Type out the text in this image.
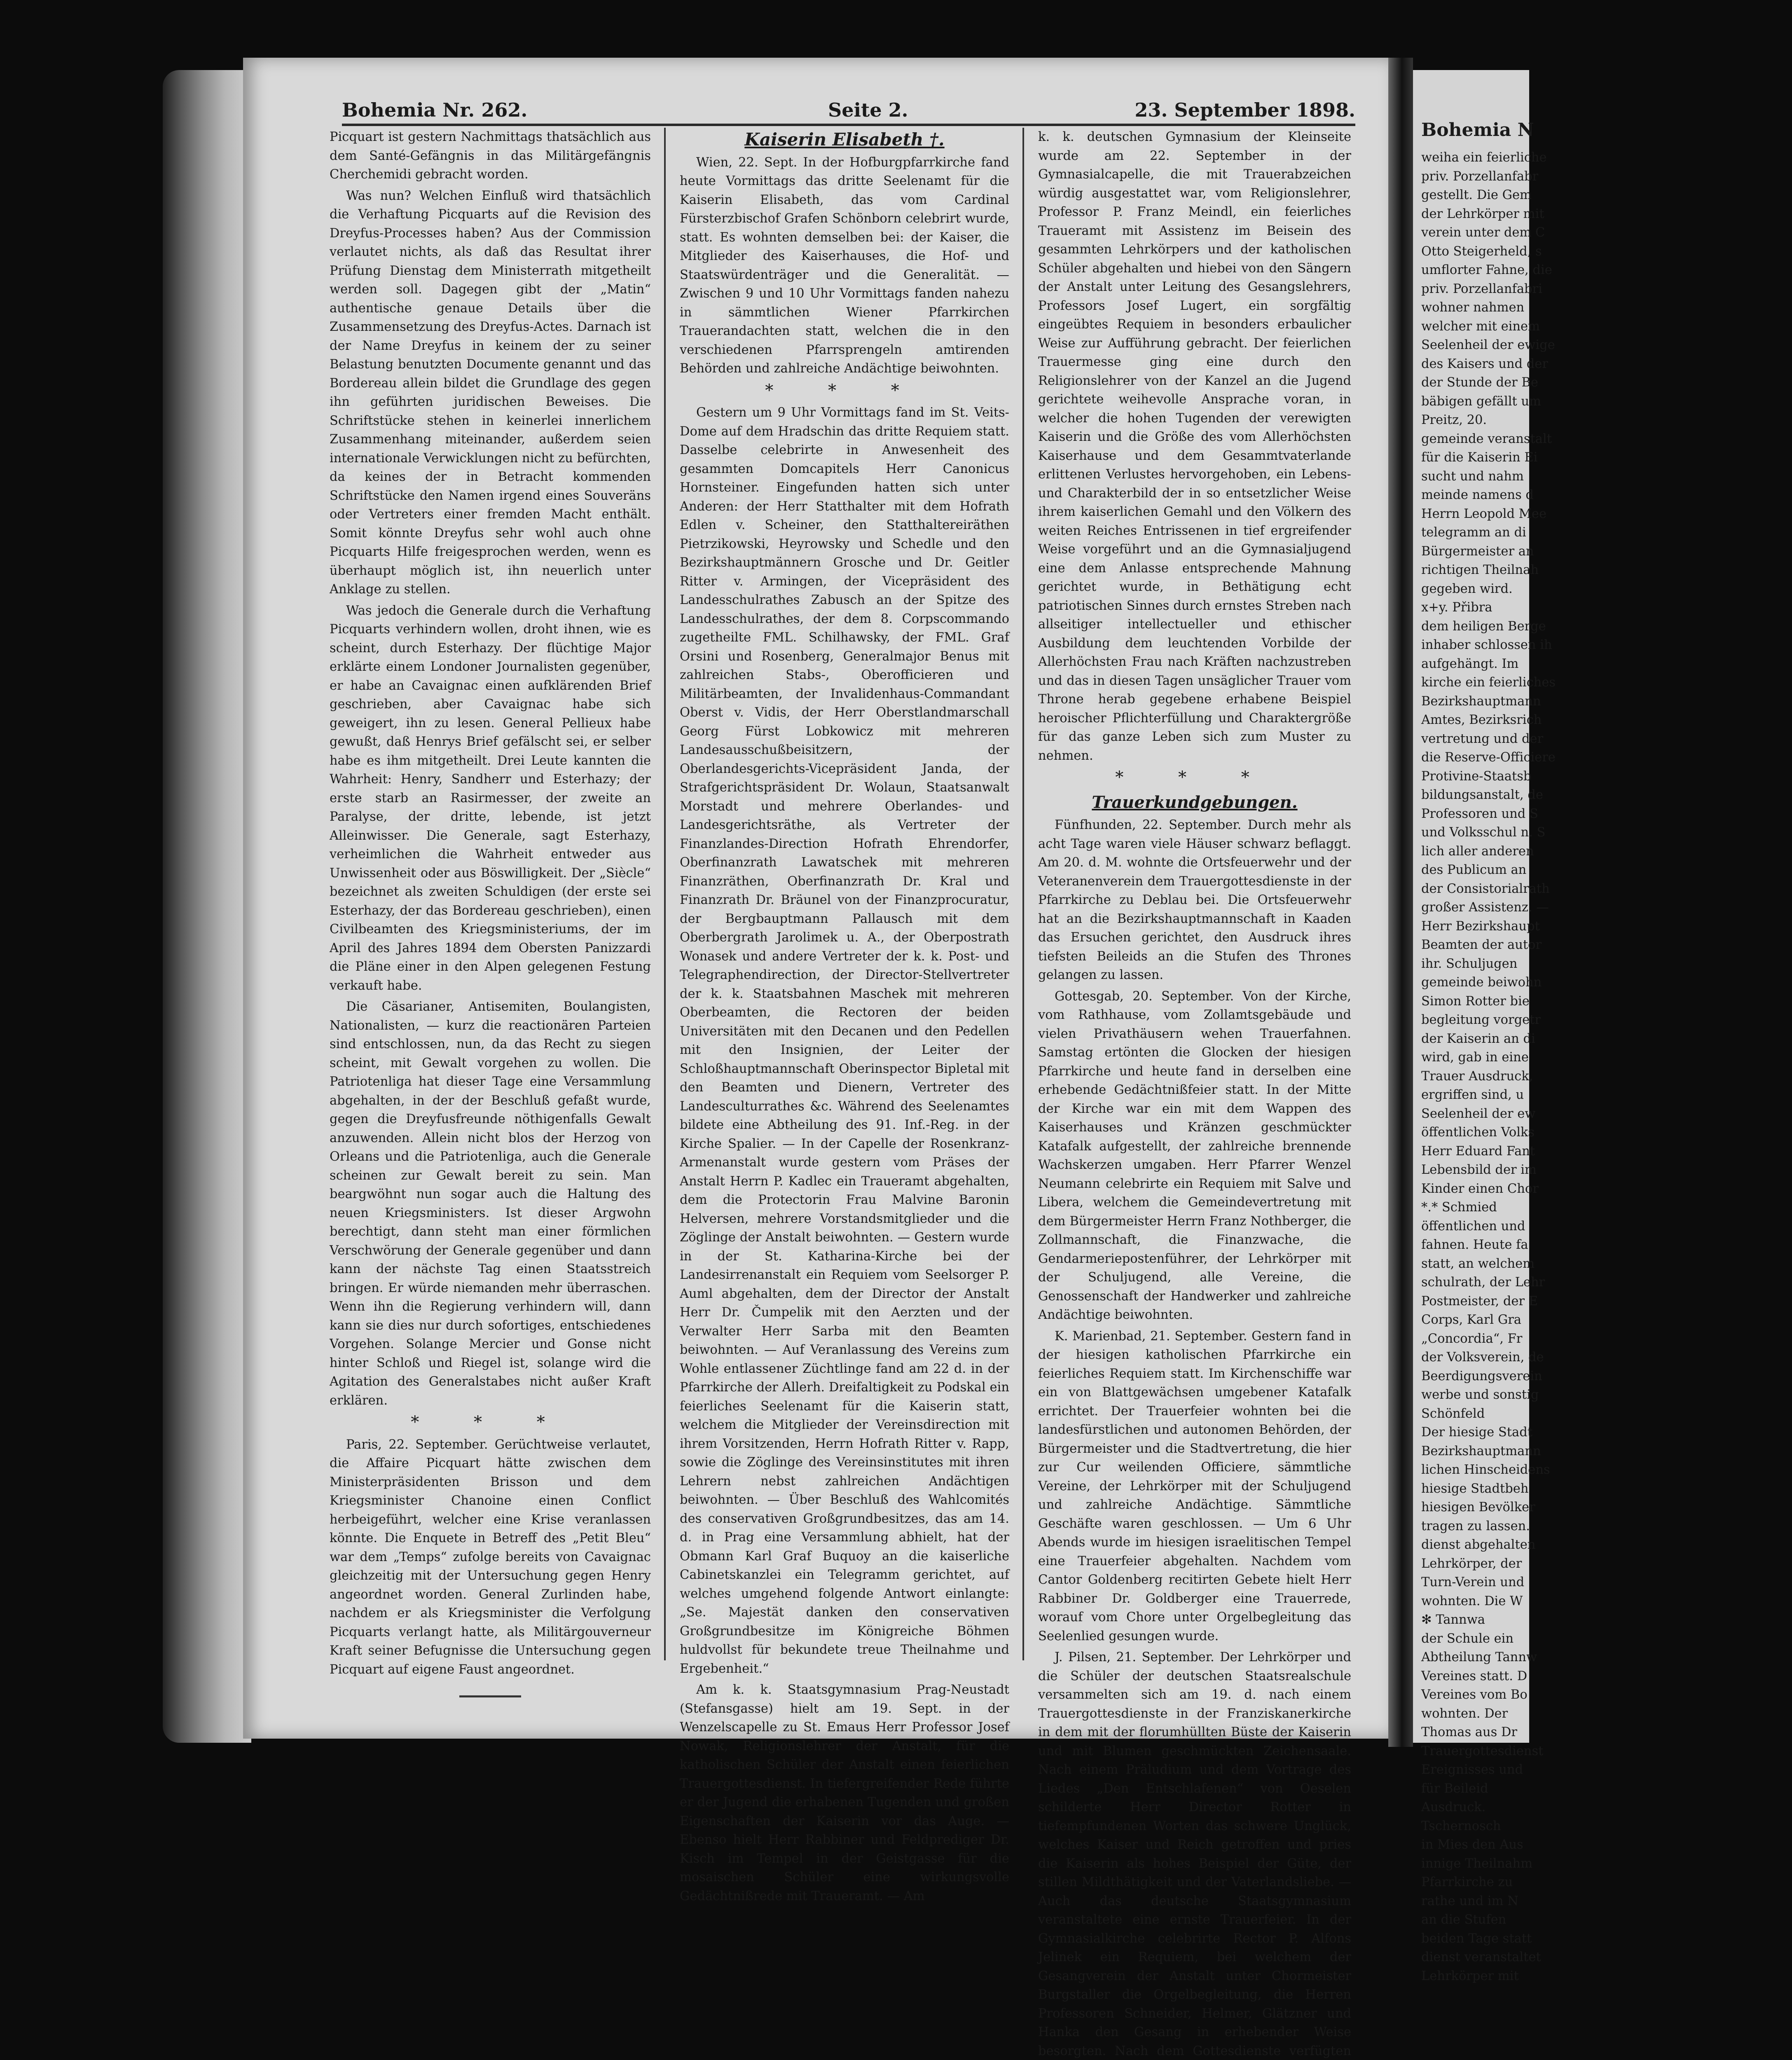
Bohemia N
weiha ein feierliche
priv. Porzellanfabr
gestellt. Die Gem
der Lehrkörper mit
verein unter dem C
Otto Steigerheld, s
umflorter Fahne, die
priv. Porzellanfabri
wohner nahmen
welcher mit einem
Seelenheil der ewige
des Kaisers und der
der Stunde der Be
bäbigen gefällt um
Preitz, 20.
gemeinde veranstalt
für die Kaiserin Ei
sucht und nahm
meinde namens d
Herrn Leopold Mee
telegramm an di
Bürgermeister an
richtigen Theilnah
gegeben wird.
x+y. Přibra
dem heiligen Berge
inhaber schlossen ih
aufgehängt. Im
kirche ein feierliches
Bezirkshauptmann
Amtes, Bezirksrich
vertretung und der
die Reserve-Officiere
Protivine-Staatsb
bildungsanstalt, de
Professoren und S
und Volksschul n. S
lich aller anderen
des Publicum an
der Consistorialrath
großer Assistenz. —
Herr Bezirkshaupt
Beamten der autor
ihr. Schuljugen
gemeinde beiwohn
Simon Rotter bie
begleitung vorgetr
der Kaiserin an di
wird, gab in eine
Trauer Ausdruck,
ergriffen sind, u
Seelenheil der ew
öffentlichen Volks
Herr Eduard Fant
Lebensbild der im
Kinder einen Chor
*.* Schmied
öffentlichen und
fahnen. Heute fa
statt, an welchem
schulrath, der Lehr
Postmeister, der E
Corps, Karl Gra
„Concordia“, Fr
der Volksverein, de
Beerdigungsverein
werbe und sonstig
Schönfeld
Der hiesige Stadt
Bezirkshauptmann
lichen Hinscheidens
hiesige Stadtbeh
hiesigen Bevölker
tragen zu lassen.
dienst abgehalten
Lehrkörper, der
Turn-Verein und
wohnten. Die W
✻ Tannwa
der Schule ein
Abtheilung Tannw
Vereines statt. D
Vereines vom Bo
wohnten. Der
Thomas aus Dr
Trauergottesdienst
Ereignisses und
für Beileid
Ausdruck.
Tschernosch
in Mies den Aus
innige Theilnahm
Pfarrkirche zu
rathe und im N
an die Stufen
beiden Tage statt
dienst veranstaltet
Lehrkörper mit
Bohemia Nr. 262.	Seite 2.	23. September 1898.

Picquart ist gestern Nachmittags thatsächlich aus dem Santé-Gefängnis in das Militärgefängnis Cherchemidi gebracht worden.

Was nun? Welchen Einfluß wird thatsächlich die Verhaftung Picquarts auf die Revision des Dreyfus-Processes haben? Aus der Commission verlautet nichts, als daß das Resultat ihrer Prüfung Dienstag dem Ministerrath mitgetheilt werden soll. Dagegen gibt der „Matin“ authentische genaue Details über die Zusammensetzung des Dreyfus-Actes. Darnach ist der Name Dreyfus in keinem der zu seiner Belastung benutzten Documente genannt und das Bordereau allein bildet die Grundlage des gegen ihn geführten juridischen Beweises. Die Schriftstücke stehen in keinerlei innerlichem Zusammenhang miteinander, außerdem seien internationale Verwicklungen nicht zu befürchten, da keines der in Betracht kommenden Schriftstücke den Namen irgend eines Souveräns oder Vertreters einer fremden Macht enthält. Somit könnte Dreyfus sehr wohl auch ohne Picquarts Hilfe freigesprochen werden, wenn es überhaupt möglich ist, ihn neuerlich unter Anklage zu stellen.

Was jedoch die Generale durch die Verhaftung Picquarts verhindern wollen, droht ihnen, wie es scheint, durch Esterhazy. Der flüchtige Major erklärte einem Londoner Journalisten gegenüber, er habe an Cavaignac einen aufklärenden Brief geschrieben, aber Cavaignac habe sich geweigert, ihn zu lesen. General Pellieux habe gewußt, daß Henrys Brief gefälscht sei, er selber habe es ihm mitgetheilt. Drei Leute kannten die Wahrheit: Henry, Sandherr und Esterhazy; der erste starb an Rasirmesser, der zweite an Paralyse, der dritte, lebende, ist jetzt Alleinwisser. Die Generale, sagt Esterhazy, verheimlichen die Wahrheit entweder aus Unwissenheit oder aus Böswilligkeit. Der „Siècle“ bezeichnet als zweiten Schuldigen (der erste sei Esterhazy, der das Bordereau geschrieben), einen Civilbeamten des Kriegsministeriums, der im April des Jahres 1894 dem Obersten Panizzardi die Pläne einer in den Alpen gelegenen Festung verkauft habe.

Die Cäsarianer, Antisemiten, Boulangisten, Nationalisten, — kurz die reactionären Parteien sind entschlossen, nun, da das Recht zu siegen scheint, mit Gewalt vorgehen zu wollen. Die Patriotenliga hat dieser Tage eine Versammlung abgehalten, in der der Beschluß gefaßt wurde, gegen die Dreyfusfreunde nöthigenfalls Gewalt anzuwenden. Allein nicht blos der Herzog von Orleans und die Patriotenliga, auch die Generale scheinen zur Gewalt bereit zu sein. Man beargwöhnt nun sogar auch die Haltung des neuen Kriegsministers. Ist dieser Argwohn berechtigt, dann steht man einer förmlichen Verschwörung der Generale gegenüber und dann kann der nächste Tag einen Staatsstreich bringen. Er würde niemanden mehr überraschen. Wenn ihn die Regierung verhindern will, dann kann sie dies nur durch sofortiges, entschiedenes Vorgehen. Solange Mercier und Gonse nicht hinter Schloß und Riegel ist, solange wird die Agitation des Generalstabes nicht außer Kraft erklären.

* * *

Paris, 22. September. Gerüchtweise verlautet, die Affaire Picquart hätte zwischen dem Ministerpräsidenten Brisson und dem Kriegsminister Chanoine einen Conflict herbeigeführt, welcher eine Krise veranlassen könnte. Die Enquete in Betreff des „Petit Bleu“ war dem „Temps“ zufolge bereits von Cavaignac gleichzeitig mit der Untersuchung gegen Henry angeordnet worden. General Zurlinden habe, nachdem er als Kriegsminister die Verfolgung Picquarts verlangt hatte, als Militärgouverneur Kraft seiner Befugnisse die Untersuchung gegen Picquart auf eigene Faust angeordnet.

Kaiserin Elisabeth †.

Wien, 22. Sept. In der Hofburgpfarrkirche fand heute Vormittags das dritte Seelenamt für die Kaiserin Elisabeth, das vom Cardinal Fürsterzbischof Grafen Schönborn celebrirt wurde, statt. Es wohnten demselben bei: der Kaiser, die Mitglieder des Kaiserhauses, die Hof- und Staatswürdenträger und die Generalität. — Zwischen 9 und 10 Uhr Vormittags fanden nahezu in sämmtlichen Wiener Pfarrkirchen Trauerandachten statt, welchen die in den verschiedenen Pfarrsprengeln amtirenden Behörden und zahlreiche Andächtige beiwohnten.

* * *

Gestern um 9 Uhr Vormittags fand im St. Veits-Dome auf dem Hradschin das dritte Requiem statt. Dasselbe celebrirte in Anwesenheit des gesammten Domcapitels Herr Canonicus Hornsteiner. Eingefunden hatten sich unter Anderen: der Herr Statthalter mit dem Hofrath Edlen v. Scheiner, den Statthaltereiräthen Pietrzikowski, Heyrowsky und Schedle und den Bezirkshauptmännern Grosche und Dr. Geitler Ritter v. Armingen, der Vicepräsident des Landesschulrathes Zabusch an der Spitze des Landesschulrathes, der dem 8. Corpscommando zugetheilte FML. Schilhawsky, der FML. Graf Orsini und Rosenberg, Generalmajor Benus mit zahlreichen Stabs-, Oberofficieren und Militärbeamten, der Invalidenhaus-Commandant Oberst v. Vidis, der Herr Oberstlandmarschall Georg Fürst Lobkowicz mit mehreren Landesausschußbeisitzern, der Oberlandesgerichts-Vicepräsident Janda, der Strafgerichtspräsident Dr. Wolaun, Staatsanwalt Morstadt und mehrere Oberlandes- und Landesgerichtsräthe, als Vertreter der Finanzlandes-Direction Hofrath Ehrendorfer, Oberfinanzrath Lawatschek mit mehreren Finanzräthen, Oberfinanzrath Dr. Kral und Finanzrath Dr. Bräunel von der Finanzprocuratur, der Bergbauptmann Pallausch mit dem Oberbergrath Jarolimek u. A., der Oberpostrath Wonasek und andere Vertreter der k. k. Post- und Telegraphendirection, der Director-Stellvertreter der k. k. Staatsbahnen Maschek mit mehreren Oberbeamten, die Rectoren der beiden Universitäten mit den Decanen und den Pedellen mit den Insignien, der Leiter der Schloßhauptmannschaft Oberinspector Bipletal mit den Beamten und Dienern, Vertreter des Landesculturrathes &c. Während des Seelenamtes bildete eine Abtheilung des 91. Inf.-Reg. in der Kirche Spalier. — In der Capelle der Rosenkranz-Armenanstalt wurde gestern vom Präses der Anstalt Herrn P. Kadlec ein Traueramt abgehalten, dem die Protectorin Frau Malvine Baronin Helversen, mehrere Vorstandsmitglieder und die Zöglinge der Anstalt beiwohnten. — Gestern wurde in der St. Katharina-Kirche bei der Landesirrenanstalt ein Requiem vom Seelsorger P. Auml abgehalten, dem der Director der Anstalt Herr Dr. Čumpelik mit den Aerzten und der Verwalter Herr Sarba mit den Beamten beiwohnten. — Auf Veranlassung des Vereins zum Wohle entlassener Züchtlinge fand am 22 d. in der Pfarrkirche der Allerh. Dreifaltigkeit zu Podskal ein feierliches Seelenamt für die Kaiserin statt, welchem die Mitglieder der Vereinsdirection mit ihrem Vorsitzenden, Herrn Hofrath Ritter v. Rapp, sowie die Zöglinge des Vereinsinstitutes mit ihren Lehrern nebst zahlreichen Andächtigen beiwohnten. — Über Beschluß des Wahlcomités des conservativen Großgrundbesitzes, das am 14. d. in Prag eine Versammlung abhielt, hat der Obmann Karl Graf Buquoy an die kaiserliche Cabinetskanzlei ein Telegramm gerichtet, auf welches umgehend folgende Antwort einlangte: „Se. Majestät danken den conservativen Großgrundbesitze im Königreiche Böhmen huldvollst für bekundete treue Theilnahme und Ergebenheit.“

Am k. k. Staatsgymnasium Prag-Neustadt (Stefansgasse) hielt am 19. Sept. in der Wenzelscapelle zu St. Emaus Herr Professor Josef Nowak, Religionslehrer der Anstalt, für die katholischen Schüler der Anstalt einen feierlichen Trauergottesdienst. In tiefergreifender Rede führte er der Jugend die erhabenen Tugenden und großen Eigenschaften der Kaiserin vor das Auge. — Ebenso hielt Herr Rabbiner und Feldprediger Dr. Kisch im Tempel in der Geistgasse für die mosaischen Schüler eine wirkungsvolle Gedächtnißrede mit Traueramt. — Am

k. k. deutschen Gymnasium der Kleinseite wurde am 22. September in der Gymnasialcapelle, die mit Trauerabzeichen würdig ausgestattet war, vom Religionslehrer, Professor P. Franz Meindl, ein feierliches Traueramt mit Assistenz im Beisein des gesammten Lehrkörpers und der katholischen Schüler abgehalten und hiebei von den Sängern der Anstalt unter Leitung des Gesangslehrers, Professors Josef Lugert, ein sorgfältig eingeübtes Requiem in besonders erbaulicher Weise zur Aufführung gebracht. Der feierlichen Trauermesse ging eine durch den Religionslehrer von der Kanzel an die Jugend gerichtete weihevolle Ansprache voran, in welcher die hohen Tugenden der verewigten Kaiserin und die Größe des vom Allerhöchsten Kaiserhause und dem Gesammtvaterlande erlittenen Verlustes hervorgehoben, ein Lebens- und Charakterbild der in so entsetzlicher Weise ihrem kaiserlichen Gemahl und den Völkern des weiten Reiches Entrissenen in tief ergreifender Weise vorgeführt und an die Gymnasialjugend eine dem Anlasse entsprechende Mahnung gerichtet wurde, in Bethätigung echt patriotischen Sinnes durch ernstes Streben nach allseitiger intellectueller und ethischer Ausbildung dem leuchtenden Vorbilde der Allerhöchsten Frau nach Kräften nachzustreben und das in diesen Tagen unsäglicher Trauer vom Throne herab gegebene erhabene Beispiel heroischer Pflichterfüllung und Charaktergröße für das ganze Leben sich zum Muster zu nehmen.

* * *
Trauerkundgebungen.

Fünfhunden, 22. September. Durch mehr als acht Tage waren viele Häuser schwarz beflaggt. Am 20. d. M. wohnte die Ortsfeuerwehr und der Veteranenverein dem Trauergottesdienste in der Pfarrkirche zu Deblau bei. Die Ortsfeuerwehr hat an die Bezirkshauptmannschaft in Kaaden das Ersuchen gerichtet, den Ausdruck ihres tiefsten Beileids an die Stufen des Thrones gelangen zu lassen.

Gottesgab, 20. September. Von der Kirche, vom Rathhause, vom Zollamtsgebäude und vielen Privathäusern wehen Trauerfahnen. Samstag ertönten die Glocken der hiesigen Pfarrkirche und heute fand in derselben eine erhebende Gedächtnißfeier statt. In der Mitte der Kirche war ein mit dem Wappen des Kaiserhauses und Kränzen geschmückter Katafalk aufgestellt, der zahlreiche brennende Wachskerzen umgaben. Herr Pfarrer Wenzel Neumann celebrirte ein Requiem mit Salve und Libera, welchem die Gemeindevertretung mit dem Bürgermeister Herrn Franz Nothberger, die Zollmannschaft, die Finanzwache, die Gendarmeriepostenführer, der Lehrkörper mit der Schuljugend, alle Vereine, die Genossenschaft der Handwerker und zahlreiche Andächtige beiwohnten.

K. Marienbad, 21. September. Gestern fand in der hiesigen katholischen Pfarrkirche ein feierliches Requiem statt. Im Kirchenschiffe war ein von Blattgewächsen umgebener Katafalk errichtet. Der Trauerfeier wohnten bei die landesfürstlichen und autonomen Behörden, der Bürgermeister und die Stadtvertretung, die hier zur Cur weilenden Officiere, sämmtliche Vereine, der Lehrkörper mit der Schuljugend und zahlreiche Andächtige. Sämmtliche Geschäfte waren geschlossen. — Um 6 Uhr Abends wurde im hiesigen israelitischen Tempel eine Trauerfeier abgehalten. Nachdem vom Cantor Goldenberg recitirten Gebete hielt Herr Rabbiner Dr. Goldberger eine Trauerrede, worauf vom Chore unter Orgelbegleitung das Seelenlied gesungen wurde.

J. Pilsen, 21. September. Der Lehrkörper und die Schüler der deutschen Staatsrealschule versammelten sich am 19. d. nach einem Trauergottesdienste in der Franziskanerkirche in dem mit der florumhüllten Büste der Kaiserin und mit Blumen geschmückten Zeichensaale. Nach einem Präludium und dem Vortrage des Liedes „Den Entschlafenen“ von Oeselen schilderte Herr Director Rotter in tiefempfundenen Worten das schwere Unglück, welches Kaiser und Reich getroffen und pries die Kaiserin als hohes Beispiel der Güte, der stillen Mildthätigkeit und der Vaterlandsliebe. — Auch das deutsche Staatsgymnasium veranstaltete eine ernste Trauerfeier. In der Gymnasialkirche celebrirte Rector P. Alfons Jelinek ein Requiem, bei welchem der Gesangverein der Anstalt unter Chormeister Burgstaller die Orgelbegleitung, die Herren Professoren Schneider, Helmer, Glätzner und Hanka den Gesang in erhebender Weise besorgten. Nach dem Gottesdienste verfügten
